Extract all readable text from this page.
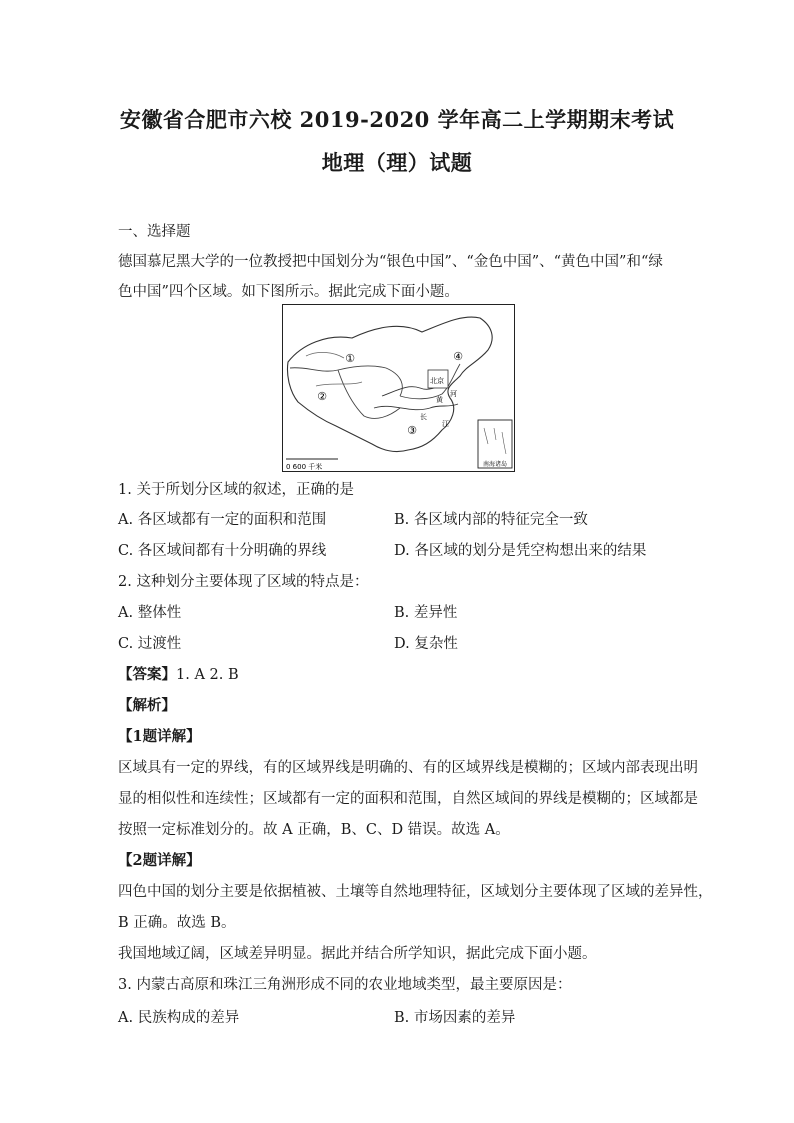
安徽省合肥市六校 2019-2020 学年高二上学期期末考试
地理（理）试题
一、选择题
德国慕尼黑大学的一位教授把中国划分为“银色中国”、“金色中国”、“黄色中国”和“绿
色中国”四个区域。如下图所示。据此完成下面小题。
①
②
③
④
北京
河
黄
长
江
0 600 千米	南海诸岛
1. 关于所划分区域的叙述，正确的是
A. 各区域都有一定的面积和范围	B. 各区域内部的特征完全一致
C. 各区域间都有十分明确的界线	D. 各区域的划分是凭空构想出来的结果
2. 这种划分主要体现了区域的特点是：
A. 整体性	B. 差异性
C. 过渡性	D. 复杂性
【答案】1. A 2. B
【解析】
【1题详解】
区域具有一定的界线，有的区域界线是明确的、有的区域界线是模糊的；区域内部表现出明
显的相似性和连续性；区域都有一定的面积和范围，自然区域间的界线是模糊的；区域都是
按照一定标准划分的。故 A 正确，B、C、D 错误。故选 A。
【2题详解】
四色中国的划分主要是依据植被、土壤等自然地理特征，区域划分主要体现了区域的差异性，
B 正确。故选 B。
我国地域辽阔，区域差异明显。据此并结合所学知识，据此完成下面小题。
3. 内蒙古高原和珠江三角洲形成不同的农业地域类型，最主要原因是：
A. 民族构成的差异	B. 市场因素的差异
